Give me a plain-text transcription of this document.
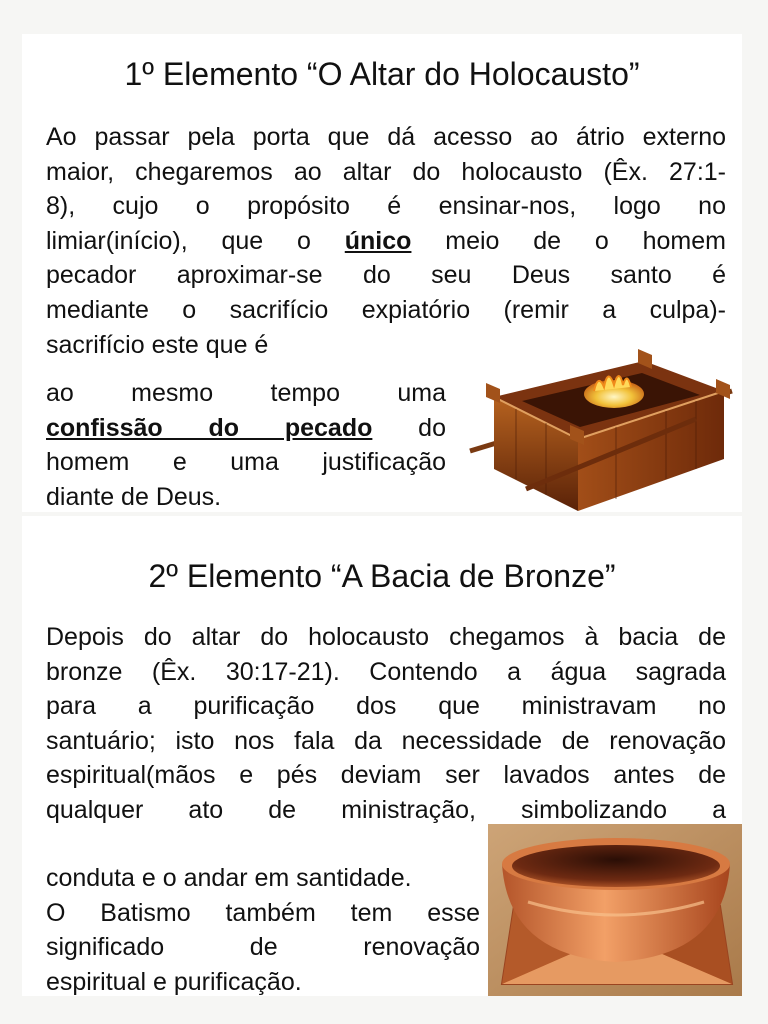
1º Elemento “O Altar do Holocausto”
Ao passar pela porta que dá acesso ao átrio externo
maior, chegaremos ao altar do holocausto (Êx. 27:1-
8), cujo o propósito é ensinar-nos, logo no
limiar(início), que o único meio de o homem
pecador aproximar-se do seu Deus santo é
mediante o sacrifício expiatório (remir a culpa)-
sacrifício este que é
ao mesmo tempo uma
confissão do pecado do
homem e uma justificação
diante de Deus.
2º Elemento “A Bacia de Bronze”
Depois do altar do holocausto chegamos à bacia de
bronze (Êx. 30:17-21). Contendo a água sagrada
para a purificação dos que ministravam no
santuário; isto nos fala da necessidade de renovação
espiritual(mãos e pés deviam ser lavados antes de
qualquer ato de ministração, simbolizando a
conduta e o andar em santidade.
O Batismo também tem esse
significado de renovação
espiritual e purificação.
